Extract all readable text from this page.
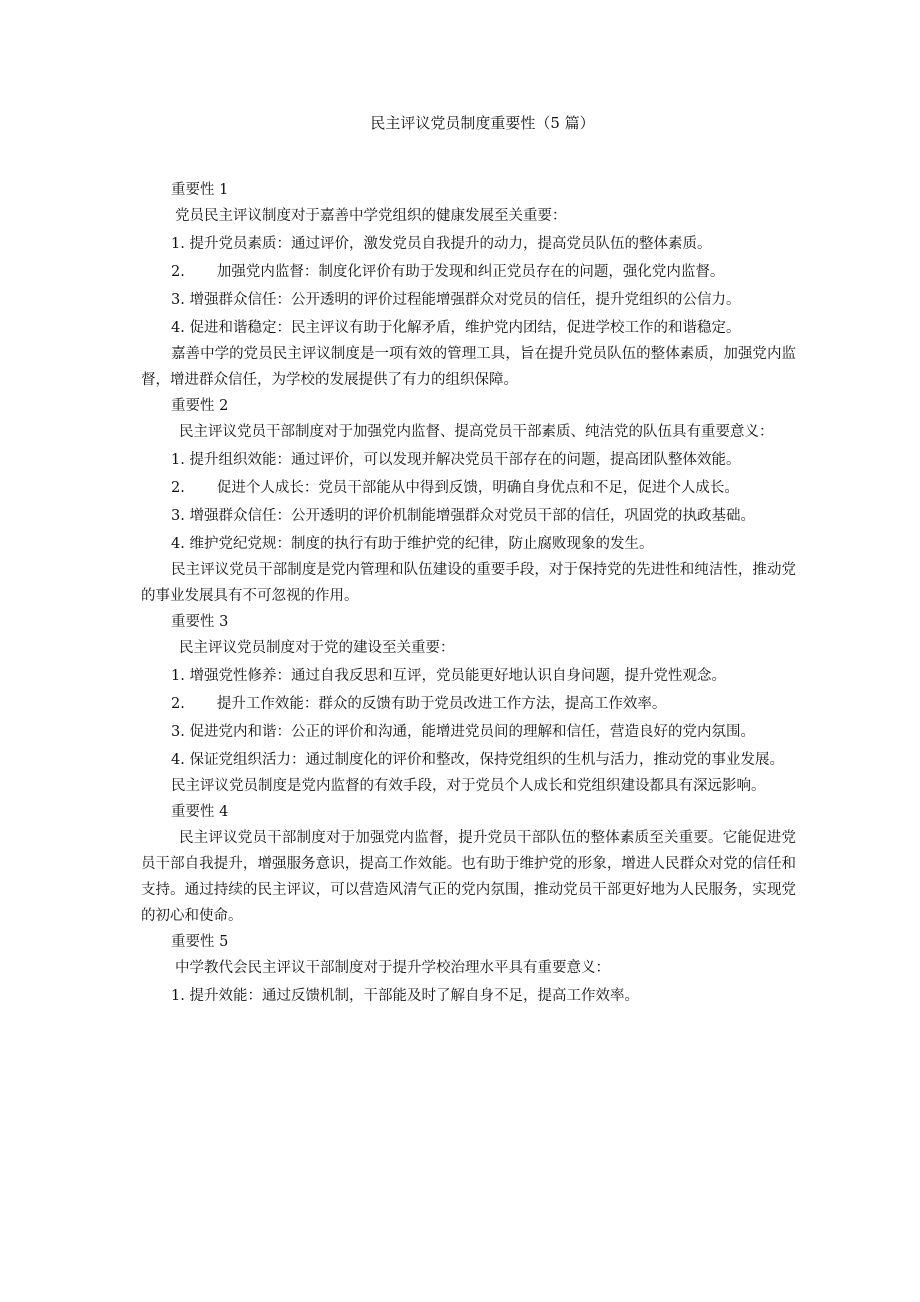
民主评议党员制度重要性（5 篇）
重要性 1

党员民主评议制度对于嘉善中学党组织的健康发展至关重要：

1. 提升党员素质：通过评价，激发党员自我提升的动力，提高党员队伍的整体素质。

2. 加强党内监督：制度化评价有助于发现和纠正党员存在的问题，强化党内监督。

3. 增强群众信任：公开透明的评价过程能增强群众对党员的信任，提升党组织的公信力。

4. 促进和谐稳定：民主评议有助于化解矛盾，维护党内团结，促进学校工作的和谐稳定。

嘉善中学的党员民主评议制度是一项有效的管理工具，旨在提升党员队伍的整体素质，加强党内监督，增进群众信任，为学校的发展提供了有力的组织保障。

重要性 2

民主评议党员干部制度对于加强党内监督、提高党员干部素质、纯洁党的队伍具有重要意义：

1. 提升组织效能：通过评价，可以发现并解决党员干部存在的问题，提高团队整体效能。

2. 促进个人成长：党员干部能从中得到反馈，明确自身优点和不足，促进个人成长。

3. 增强群众信任：公开透明的评价机制能增强群众对党员干部的信任，巩固党的执政基础。

4. 维护党纪党规：制度的执行有助于维护党的纪律，防止腐败现象的发生。

民主评议党员干部制度是党内管理和队伍建设的重要手段，对于保持党的先进性和纯洁性，推动党的事业发展具有不可忽视的作用。

重要性 3

民主评议党员制度对于党的建设至关重要：

1. 增强党性修养：通过自我反思和互评，党员能更好地认识自身问题，提升党性观念。

2. 提升工作效能：群众的反馈有助于党员改进工作方法，提高工作效率。

3. 促进党内和谐：公正的评价和沟通，能增进党员间的理解和信任，营造良好的党内氛围。

4. 保证党组织活力：通过制度化的评价和整改，保持党组织的生机与活力，推动党的事业发展。

民主评议党员制度是党内监督的有效手段，对于党员个人成长和党组织建设都具有深远影响。

重要性 4

民主评议党员干部制度对于加强党内监督，提升党员干部队伍的整体素质至关重要。它能促进党员干部自我提升，增强服务意识，提高工作效能。也有助于维护党的形象，增进人民群众对党的信任和支持。通过持续的民主评议，可以营造风清气正的党内氛围，推动党员干部更好地为人民服务，实现党的初心和使命。

重要性 5

中学教代会民主评议干部制度对于提升学校治理水平具有重要意义：

1. 提升效能：通过反馈机制，干部能及时了解自身不足，提高工作效率。
